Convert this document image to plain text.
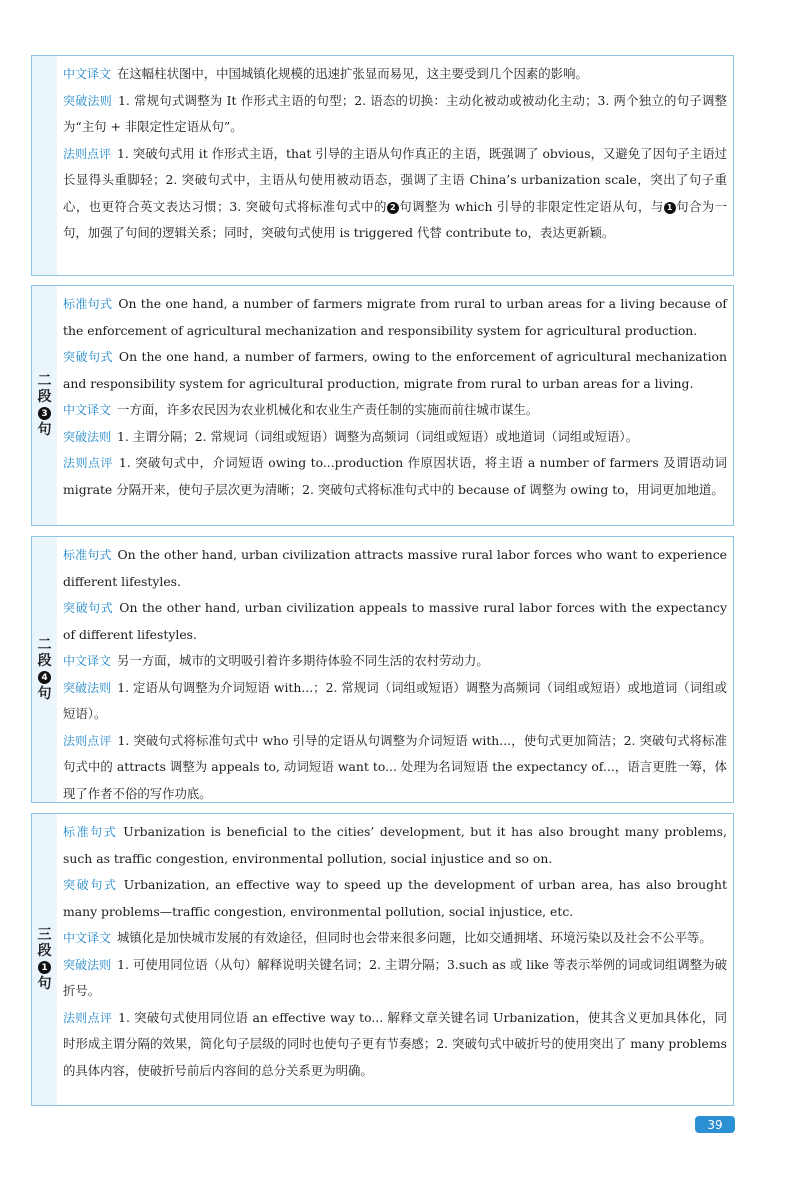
中文译文 在这幅柱状图中，中国城镇化规模的迅速扩张显而易见，这主要受到几个因素的影响。

突破法则 1. 常规句式调整为 It 作形式主语的句型；2. 语态的切换：主动化被动或被动化主动；3. 两个独立的句子调整为“主句 + 非限定性定语从句”。

法则点评 1. 突破句式用 it 作形式主语，that 引导的主语从句作真正的主语，既强调了 obvious，又避免了因句子主语过长显得头重脚轻；2. 突破句式中，主语从句使用被动语态，强调了主语 China’s urbanization scale，突出了句子重心，也更符合英文表达习惯；3. 突破句式将标准句式中的 2 句调整为 which 引导的非限定性定语从句，与 1 句合为一句，加强了句间的逻辑关系；同时，突破句式使用 is triggered 代替 contribute to，表达更新颖。

二
段
3
句

标准句式 On the one hand, a number of farmers migrate from rural to urban areas for a living because of the enforcement of agricultural mechanization and responsibility system for agricultural production.

突破句式 On the one hand, a number of farmers, owing to the enforcement of agricultural mechanization and responsibility system for agricultural production, migrate from rural to urban areas for a living.

中文译文 一方面，许多农民因为农业机械化和农业生产责任制的实施而前往城市谋生。

突破法则 1. 主谓分隔；2. 常规词（词组或短语）调整为高频词（词组或短语）或地道词（词组或短语）。

法则点评 1. 突破句式中，介词短语 owing to...production 作原因状语，将主语 a number of farmers 及谓语动词 migrate 分隔开来，使句子层次更为清晰；2. 突破句式将标准句式中的 because of 调整为 owing to，用词更加地道。

二
段
4
句

标准句式 On the other hand, urban civilization attracts massive rural labor forces who want to experience different lifestyles.

突破句式 On the other hand, urban civilization appeals to massive rural labor forces with the expectancy of different lifestyles.

中文译文 另一方面，城市的文明吸引着许多期待体验不同生活的农村劳动力。

突破法则 1. 定语从句调整为介词短语 with...；2. 常规词（词组或短语）调整为高频词（词组或短语）或地道词（词组或短语）。

法则点评 1. 突破句式将标准句式中 who 引导的定语从句调整为介词短语 with...，使句式更加简洁；2. 突破句式将标准句式中的 attracts 调整为 appeals to, 动词短语 want to... 处理为名词短语 the expectancy of...，语言更胜一筹，体现了作者不俗的写作功底。

三
段
1
句

标准句式 Urbanization is beneficial to the cities’ development, but it has also brought many problems, such as traffic congestion, environmental pollution, social injustice and so on.

突破句式 Urbanization, an effective way to speed up the development of urban area, has also brought many problems—traffic congestion, environmental pollution, social injustice, etc.

中文译文 城镇化是加快城市发展的有效途径，但同时也会带来很多问题，比如交通拥堵、环境污染以及社会不公平等。

突破法则 1. 可使用同位语（从句）解释说明关键名词；2. 主谓分隔；3.such as 或 like 等表示举例的词或词组调整为破折号。

法则点评 1. 突破句式使用同位语 an effective way to... 解释文章关键名词 Urbanization，使其含义更加具体化，同时形成主谓分隔的效果，简化句子层级的同时也使句子更有节奏感；2. 突破句式中破折号的使用突出了 many problems 的具体内容，使破折号前后内容间的总分关系更为明确。

39
